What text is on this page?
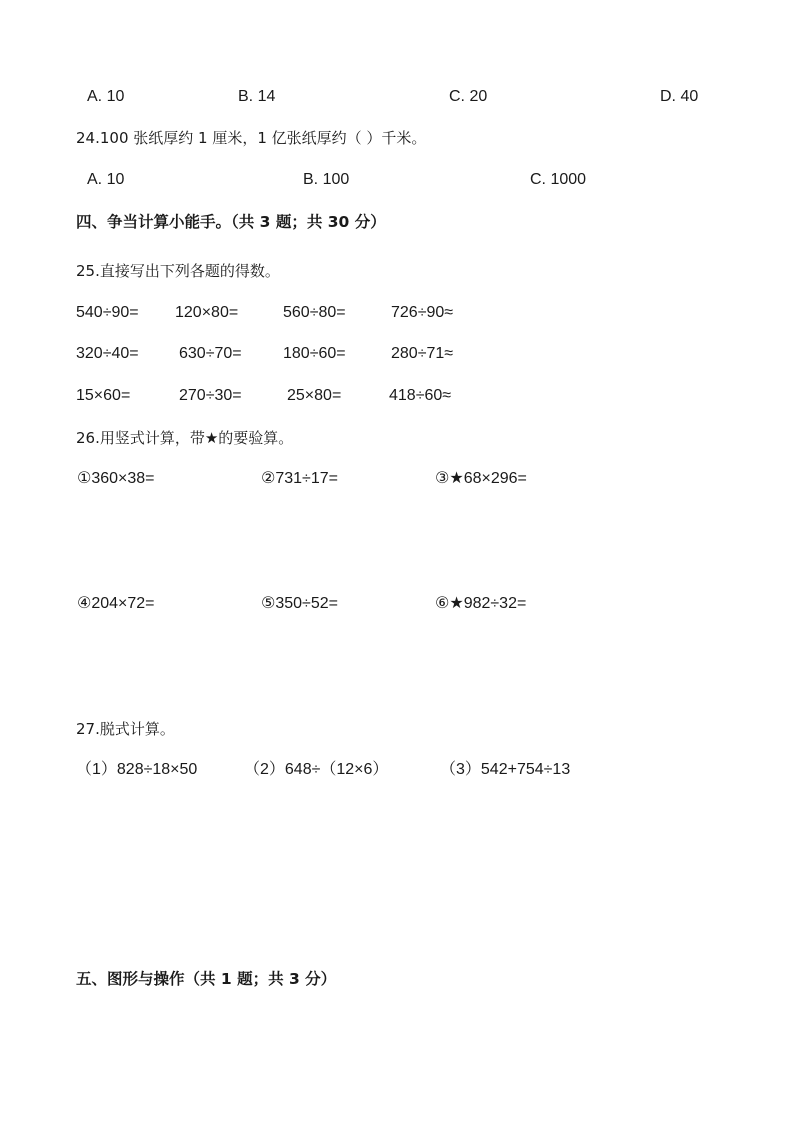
A. 10	B. 14	C. 20	D. 40
24.100 张纸厚约 1 厘米，1 亿张纸厚约（ ）千米。
A. 10	B. 100	C. 1000
四、争当计算小能手。（共 3 题；共 30 分）
25.直接写出下列各题的得数。
540÷90= 120×80=	560÷80=	726÷90≈
320÷40=	630÷70=	180÷60=	280÷71≈
15×60=	270÷30=	25×80=	418÷60≈
26.用竖式计算，带★的要验算。
①360×38=	②731÷17=	③★68×296=
④204×72=	⑤350÷52=	⑥★982÷32=
27.脱式计算。
（1）828÷18×50	（2）648÷（12×6）	（3）542+754÷13
五、图形与操作（共 1 题；共 3 分）
